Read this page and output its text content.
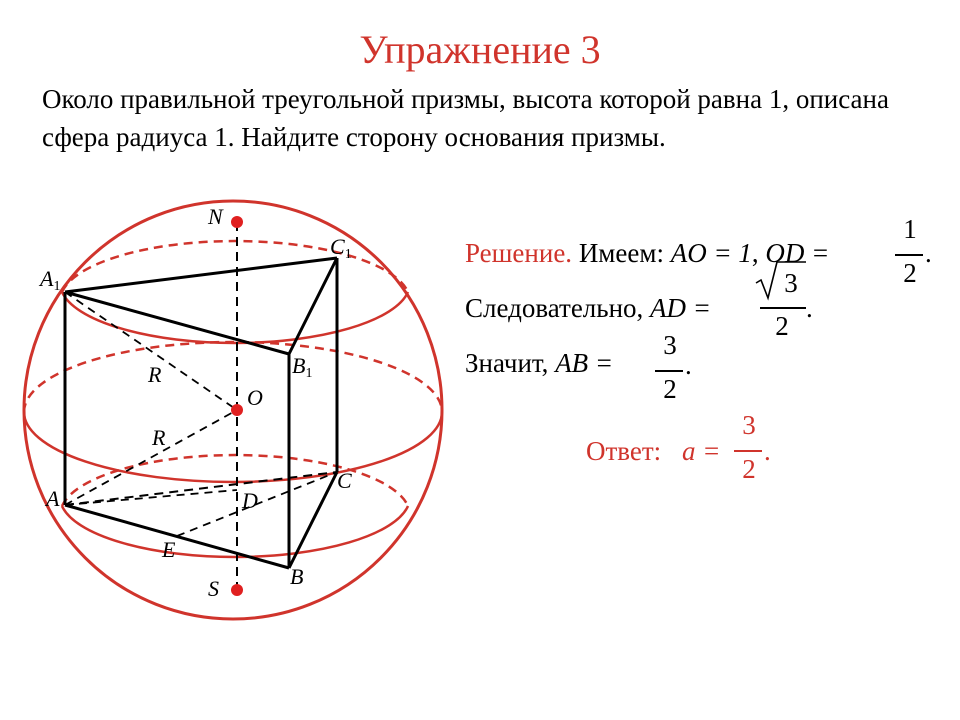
Упражнение 3
Около правильной треугольной призмы, высота которой равна 1, описана сфера радиуса 1. Найдите сторону основания призмы.
N
$C_1$
$A_1$
$B_1$
R
O
R
C
A	D
E
B
S
Решение. Имеем: AO = 1, OD =
1
2
.
Следовательно, AD =
3
2
.
Значит, AB =
3
2
.
Ответ: a =
3
2
.
